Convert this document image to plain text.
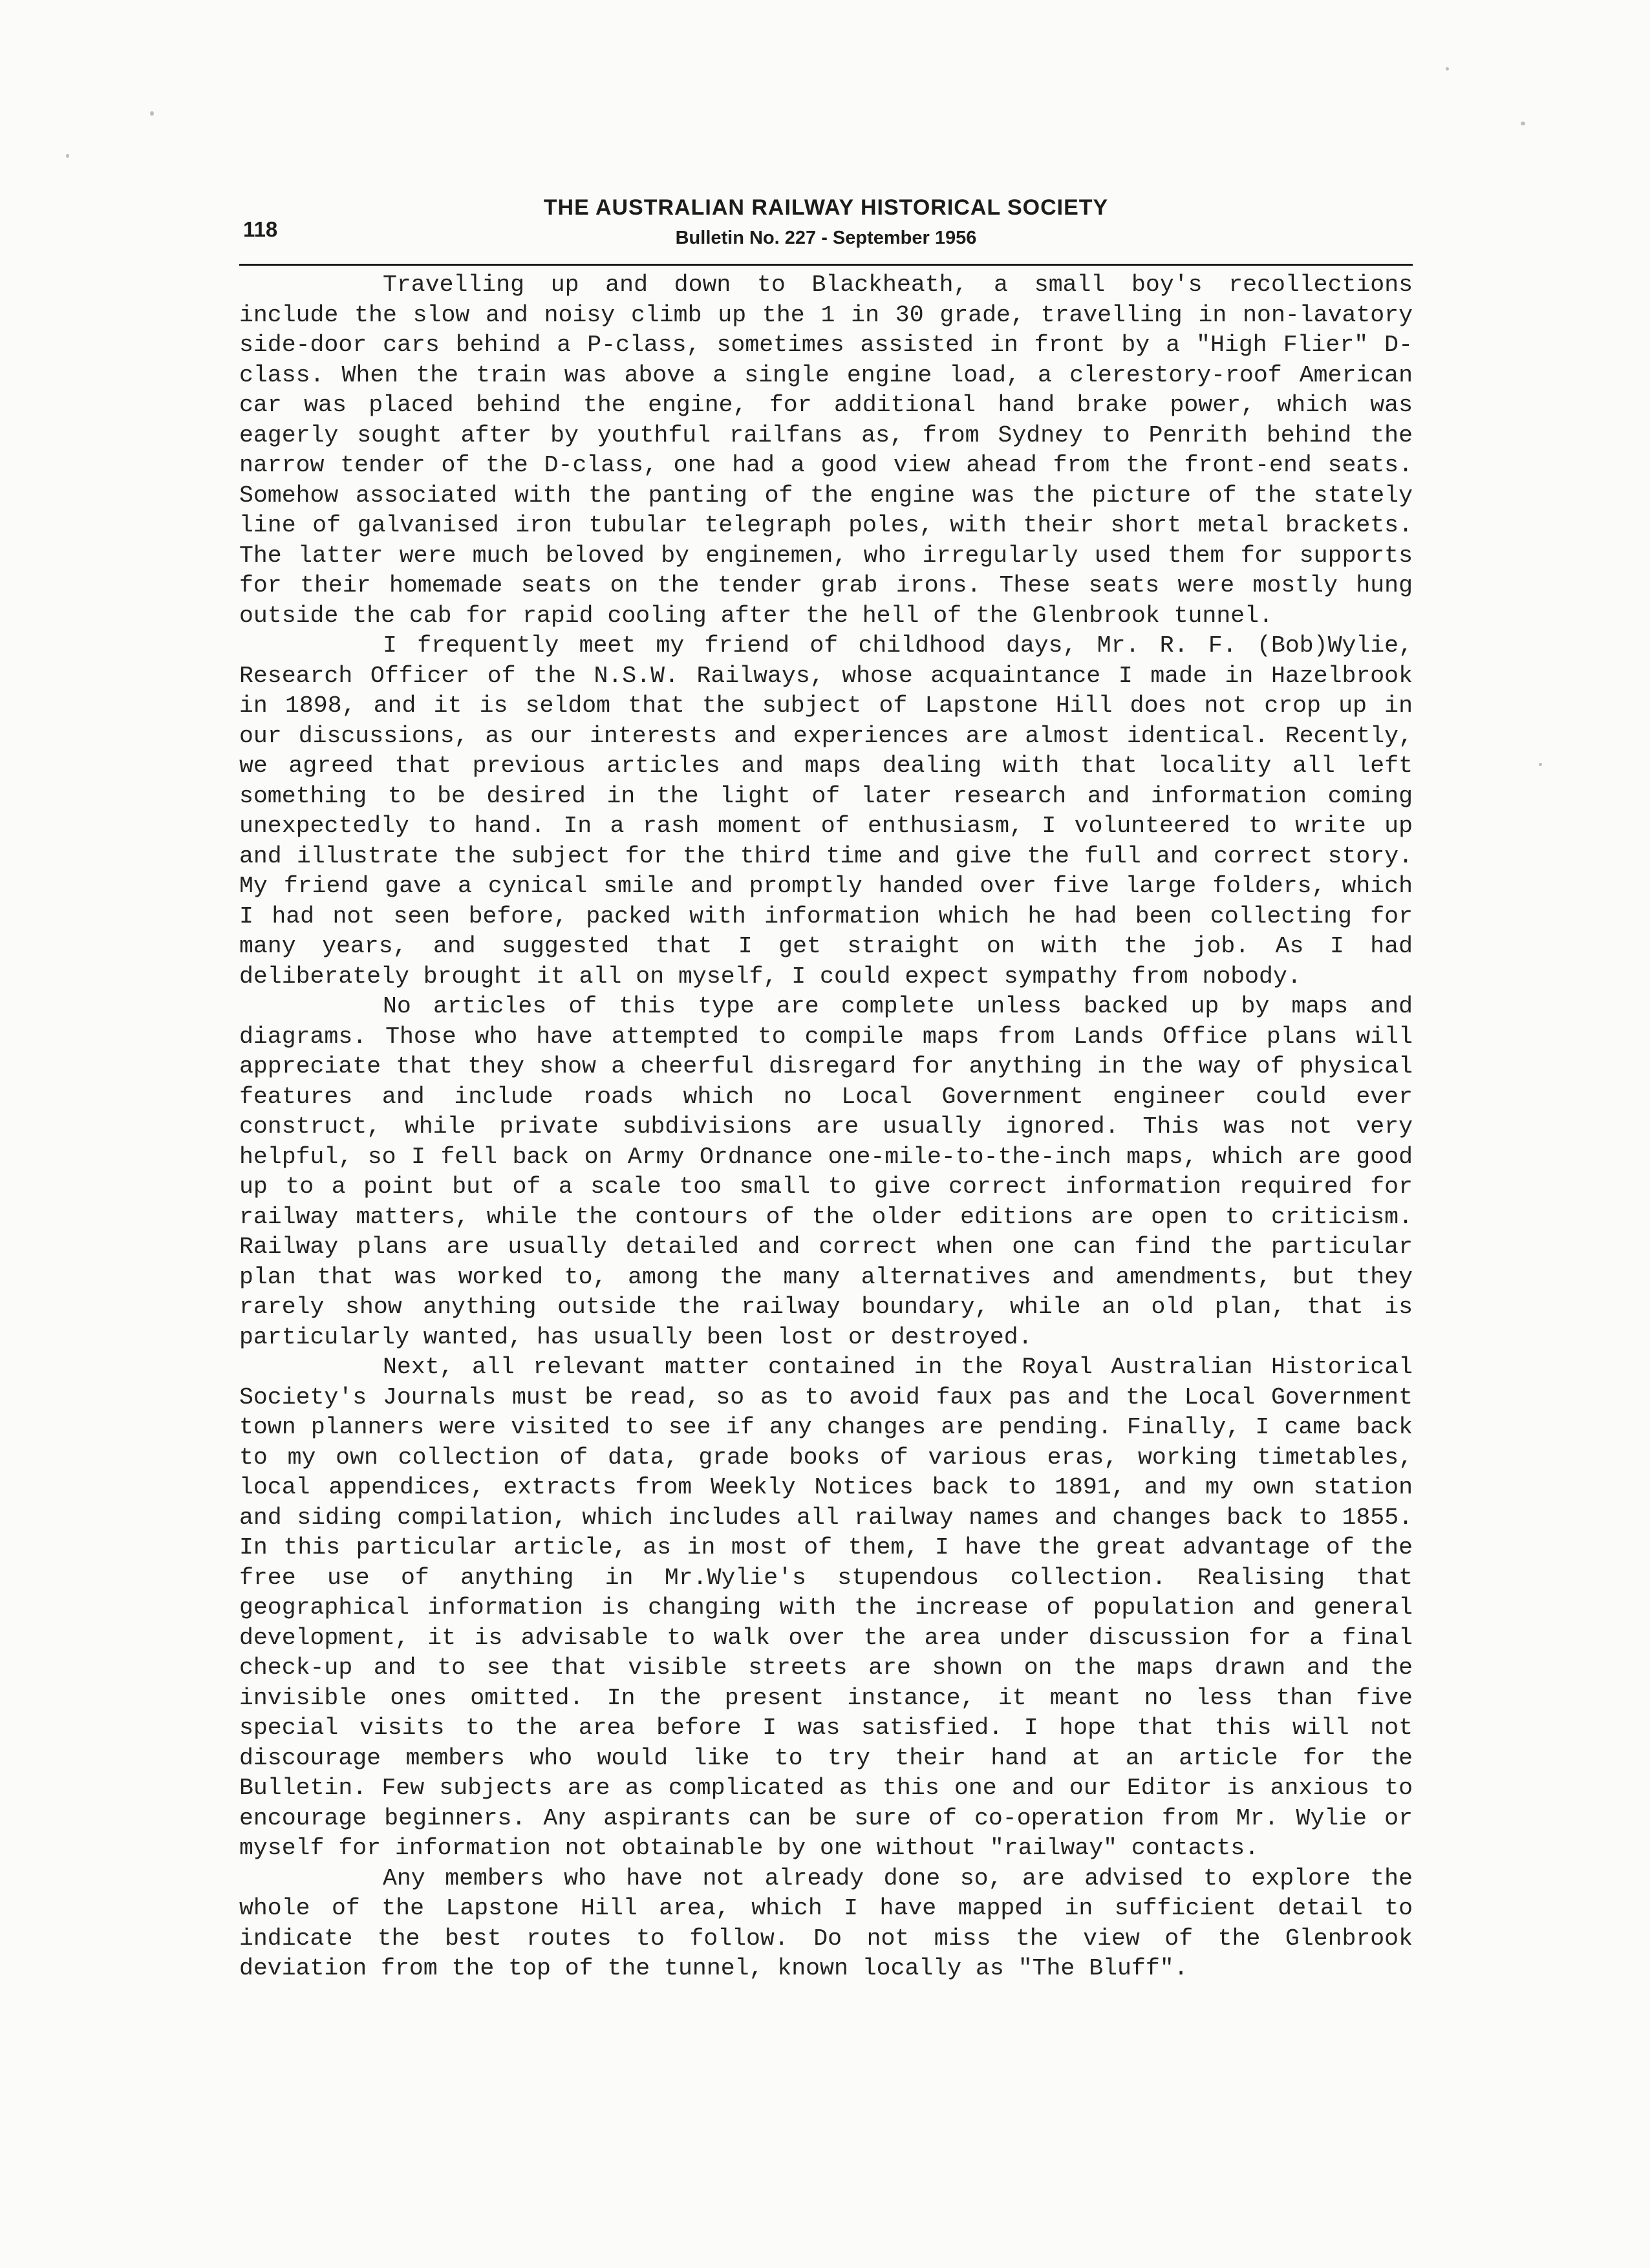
118
THE AUSTRALIAN RAILWAY HISTORICAL SOCIETY
Bulletin No. 227 - September 1956

Travelling up and down to Blackheath, a small boy's recollections include the slow and noisy climb up the 1 in 30 grade, travelling in non-lavatory side-door cars behind a P-class, sometimes assisted in front by a "High Flier" D-class. When the train was above a single engine load, a clerestory-roof American car was placed behind the engine, for additional hand brake power, which was eagerly sought after by youthful railfans as, from Sydney to Penrith behind the narrow tender of the D-class, one had a good view ahead from the front-end seats. Somehow associated with the panting of the engine was the picture of the stately line of galvanised iron tubular telegraph poles, with their short metal brackets. The latter were much beloved by enginemen, who irregularly used them for supports for their homemade seats on the tender grab irons. These seats were mostly hung outside the cab for rapid cooling after the hell of the Glenbrook tunnel.

I frequently meet my friend of childhood days, Mr. R. F. (Bob)Wylie, Research Officer of the N.S.W. Railways, whose acquaintance I made in Hazelbrook in 1898, and it is seldom that the subject of Lapstone Hill does not crop up in our discussions, as our interests and experiences are almost identical. Recently, we agreed that previous articles and maps dealing with that locality all left something to be desired in the light of later research and information coming unexpectedly to hand. In a rash moment of enthusiasm, I volunteered to write up and illustrate the subject for the third time and give the full and correct story. My friend gave a cynical smile and promptly handed over five large folders, which I had not seen before, packed with information which he had been collecting for many years, and suggested that I get straight on with the job. As I had deliberately brought it all on myself, I could expect sympathy from nobody.

No articles of this type are complete unless backed up by maps and diagrams. Those who have attempted to compile maps from Lands Office plans will appreciate that they show a cheerful disregard for anything in the way of physical features and include roads which no Local Government engineer could ever construct, while private subdivisions are usually ignored. This was not very helpful, so I fell back on Army Ordnance one-mile-to-the-inch maps, which are good up to a point but of a scale too small to give correct information required for railway matters, while the contours of the older editions are open to criticism. Railway plans are usually detailed and correct when one can find the particular plan that was worked to, among the many alternatives and amendments, but they rarely show anything outside the railway boundary, while an old plan, that is particularly wanted, has usually been lost or destroyed.

Next, all relevant matter contained in the Royal Australian Historical Society's Journals must be read, so as to avoid faux pas and the Local Government town planners were visited to see if any changes are pending. Finally, I came back to my own collection of data, grade books of various eras, working timetables, local appendices, extracts from Weekly Notices back to 1891, and my own station and siding compilation, which includes all railway names and changes back to 1855. In this particular article, as in most of them, I have the great advantage of the free use of anything in Mr.Wylie's stupendous collection. Realising that geographical information is changing with the increase of population and general development, it is advisable to walk over the area under discussion for a final check-up and to see that visible streets are shown on the maps drawn and the invisible ones omitted. In the present instance, it meant no less than five special visits to the area before I was satisfied. I hope that this will not discourage members who would like to try their hand at an article for the Bulletin. Few subjects are as complicated as this one and our Editor is anxious to encourage beginners. Any aspirants can be sure of co-operation from Mr. Wylie or myself for information not obtainable by one without "railway" contacts.

Any members who have not already done so, are advised to explore the whole of the Lapstone Hill area, which I have mapped in sufficient detail to indicate the best routes to follow. Do not miss the view of the Glenbrook deviation from the top of the tunnel, known locally as "The Bluff".
